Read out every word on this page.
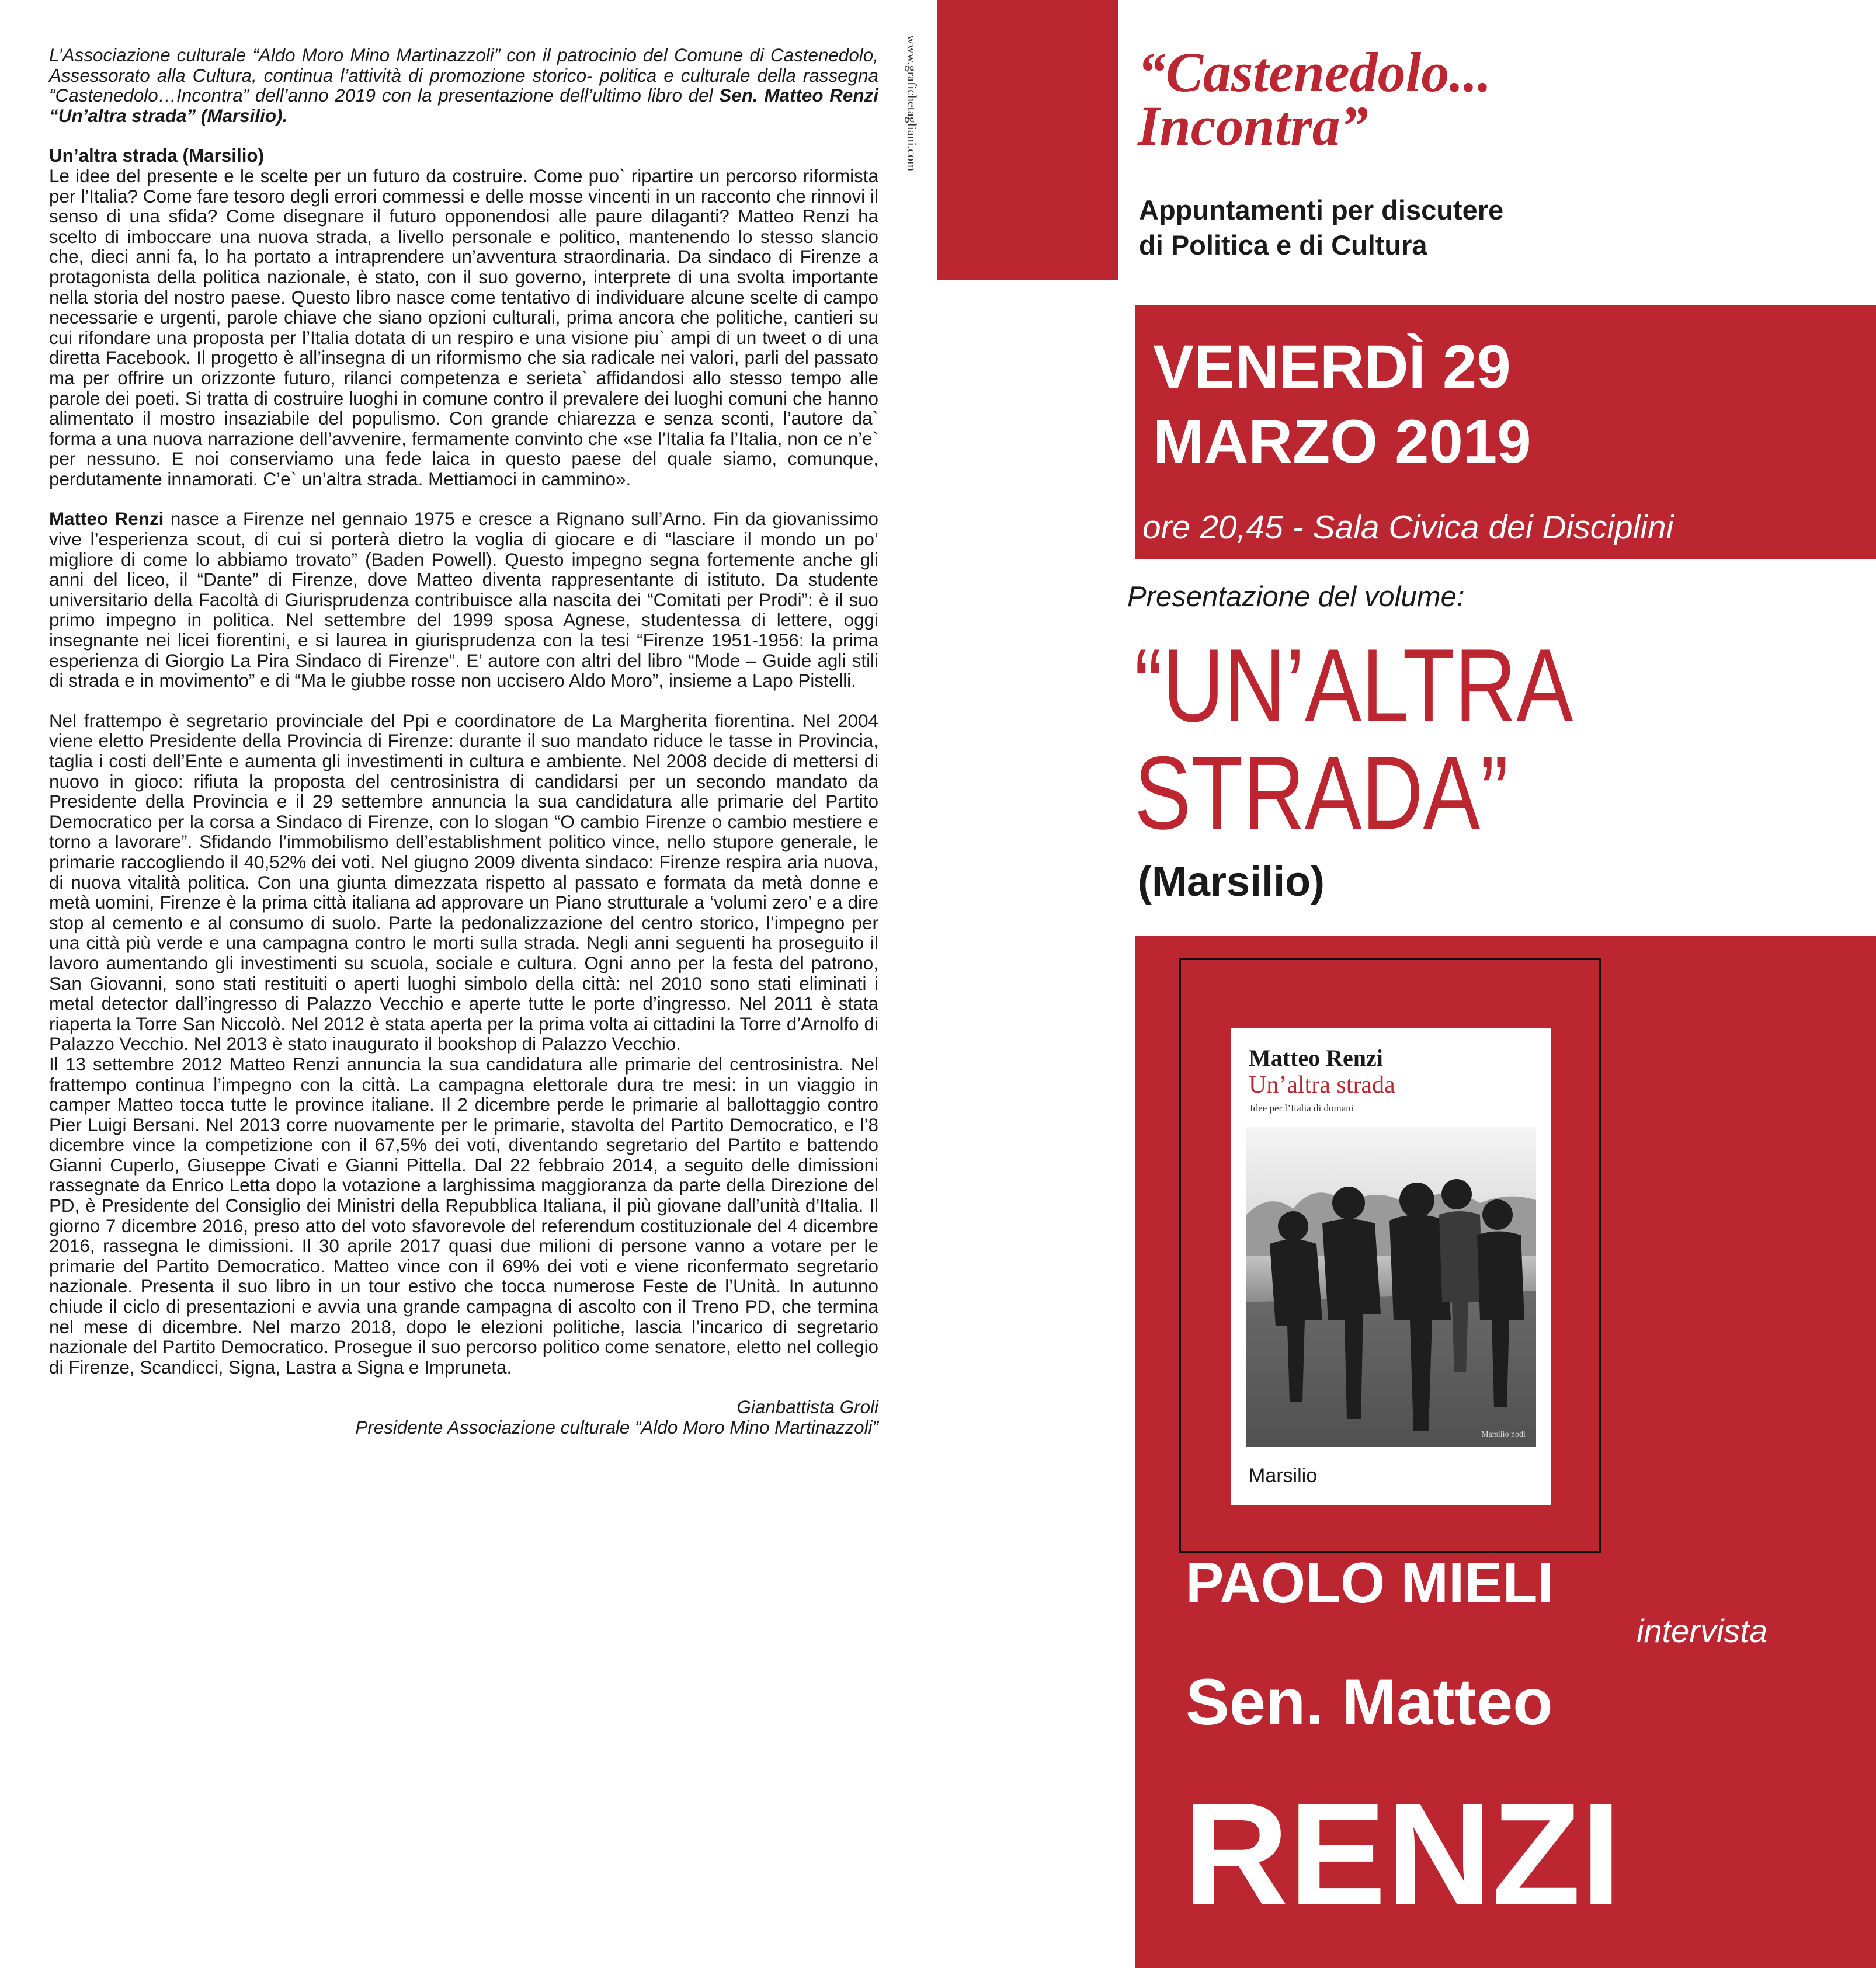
L’Associazione culturale “Aldo Moro Mino Martinazzoli” con il patrocinio del Comune di Castenedolo, Assessorato alla Cultura, continua l’attività di promozione storico- politica e culturale della rassegna “Castenedolo…Incontra” dell’anno 2019 con la presentazione dell’ultimo libro del Sen. Matteo Renzi “Un’altra strada” (Marsilio).

Un’altra strada (Marsilio)

Le idee del presente e le scelte per un futuro da costruire. Come puo` ripartire un percorso riformista per l’Italia? Come fare tesoro degli errori commessi e delle mosse vincenti in un racconto che rinnovi il senso di una sfida? Come disegnare il futuro opponendosi alle paure dilaganti? Matteo Renzi ha scelto di imboccare una nuova strada, a livello personale e politico, mantenendo lo stesso slancio che, dieci anni fa, lo ha portato a intraprendere un’avventura straordinaria. Da sindaco di Firenze a protagonista della politica nazionale, è stato, con il suo governo, interprete di una svolta importante nella storia del nostro paese. Questo libro nasce come tentativo di individuare alcune scelte di campo necessarie e urgenti, parole chiave che siano opzioni culturali, prima ancora che politiche, cantieri su cui rifondare una proposta per l’Italia dotata di un respiro e una visione piu` ampi di un tweet o di una diretta Facebook. Il progetto è all’insegna di un riformismo che sia radicale nei valori, parli del passato ma per offrire un orizzonte futuro, rilanci competenza e serieta` affidandosi allo stesso tempo alle parole dei poeti. Si tratta di costruire luoghi in comune contro il prevalere dei luoghi comuni che hanno alimentato il mostro insaziabile del populismo. Con grande chiarezza e senza sconti, l’autore da` forma a una nuova narrazione dell’avvenire, fermamente convinto che «se l’Italia fa l’Italia, non ce n’e` per nessuno. E noi conserviamo una fede laica in questo paese del quale siamo, comunque, perdutamente innamorati. C’e` un’altra strada. Mettiamoci in cammino».

Matteo Renzi nasce a Firenze nel gennaio 1975 e cresce a Rignano sull’Arno. Fin da giovanissimo vive l’esperienza scout, di cui si porterà dietro la voglia di giocare e di “lasciare il mondo un po’ migliore di come lo abbiamo trovato” (Baden Powell). Questo impegno segna fortemente anche gli anni del liceo, il “Dante” di Firenze, dove Matteo diventa rappresentante di istituto. Da studente universitario della Facoltà di Giurisprudenza contribuisce alla nascita dei “Comitati per Prodi”: è il suo primo impegno in politica. Nel settembre del 1999 sposa Agnese, studentessa di lettere, oggi insegnante nei licei fiorentini, e si laurea in giurisprudenza con la tesi “Firenze 1951-1956: la prima esperienza di Giorgio La Pira Sindaco di Firenze”. E’ autore con altri del libro “Mode – Guide agli stili di strada e in movimento” e di “Ma le giubbe rosse non uccisero Aldo Moro”, insieme a Lapo Pistelli.

Nel frattempo è segretario provinciale del Ppi e coordinatore de La Margherita fiorentina. Nel 2004 viene eletto Presidente della Provincia di Firenze: durante il suo mandato riduce le tasse in Provincia, taglia i costi dell’Ente e aumenta gli investimenti in cultura e ambiente. Nel 2008 decide di mettersi di nuovo in gioco: rifiuta la proposta del centrosinistra di candidarsi per un secondo mandato da Presidente della Provincia e il 29 settembre annuncia la sua candidatura alle primarie del Partito Democratico per la corsa a Sindaco di Firenze, con lo slogan “O cambio Firenze o cambio mestiere e torno a lavorare”. Sfidando l’immobilismo dell’establishment politico vince, nello stupore generale, le primarie raccogliendo il 40,52% dei voti. Nel giugno 2009 diventa sindaco: Firenze respira aria nuova, di nuova vitalità politica. Con una giunta dimezzata rispetto al passato e formata da metà donne e metà uomini, Firenze è la prima città italiana ad approvare un Piano strutturale a ‘volumi zero’ e a dire stop al cemento e al consumo di suolo. Parte la pedonalizzazione del centro storico, l’impegno per una città più verde e una campagna contro le morti sulla strada. Negli anni seguenti ha proseguito il lavoro aumentando gli investimenti su scuola, sociale e cultura. Ogni anno per la festa del patrono, San Giovanni, sono stati restituiti o aperti luoghi simbolo della città: nel 2010 sono stati eliminati i metal detector dall’ingresso di Palazzo Vecchio e aperte tutte le porte d’ingresso. Nel 2011 è stata riaperta la Torre San Niccolò. Nel 2012 è stata aperta per la prima volta ai cittadini la Torre d’Arnolfo di Palazzo Vecchio. Nel 2013 è stato inaugurato il bookshop di Palazzo Vecchio.

Il 13 settembre 2012 Matteo Renzi annuncia la sua candidatura alle primarie del centrosinistra. Nel frattempo continua l’impegno con la città. La campagna elettorale dura tre mesi: in un viaggio in camper Matteo tocca tutte le province italiane. Il 2 dicembre perde le primarie al ballottaggio contro Pier Luigi Bersani. Nel 2013 corre nuovamente per le primarie, stavolta del Partito Democratico, e l’8 dicembre vince la competizione con il 67,5% dei voti, diventando segretario del Partito e battendo Gianni Cuperlo, Giuseppe Civati e Gianni Pittella. Dal 22 febbraio 2014, a seguito delle dimissioni rassegnate da Enrico Letta dopo la votazione a larghissima maggioranza da parte della Direzione del PD, è Presidente del Consiglio dei Ministri della Repubblica Italiana, il più giovane dall’unità d’Italia. Il giorno 7 dicembre 2016, preso atto del voto sfavorevole del referendum costituzionale del 4 dicembre 2016, rassegna le dimissioni. Il 30 aprile 2017 quasi due milioni di persone vanno a votare per le primarie del Partito Democratico. Matteo vince con il 69% dei voti e viene riconfermato segretario nazionale. Presenta il suo libro in un tour estivo che tocca numerose Feste de l’Unità. In autunno chiude il ciclo di presentazioni e avvia una grande campagna di ascolto con il Treno PD, che termina nel mese di dicembre. Nel marzo 2018, dopo le elezioni politiche, lascia l’incarico di segretario nazionale del Partito Democratico. Prosegue il suo percorso politico come senatore, eletto nel collegio di Firenze, Scandicci, Signa, Lastra a Signa e Impruneta.

Gianbattista Groli
Presidente Associazione culturale “Aldo Moro Mino Martinazzoli”

www.grafichetagliani.com	“Castenedolo...
Incontra”
Appuntamenti per discutere
di Politica e di Cultura
VENERDÌ 29
MARZO 2019
ore 20,45 - Sala Civica dei Disciplini
Presentazione del volume:
“UN’ALTRA
STRADA”
(Marsilio)
Matteo Renzi
Un’altra strada
Idee per l’Italia di domani
Marsilio nodi
Marsilio
PAOLO MIELI
intervista
Sen. Matteo
RENZI
